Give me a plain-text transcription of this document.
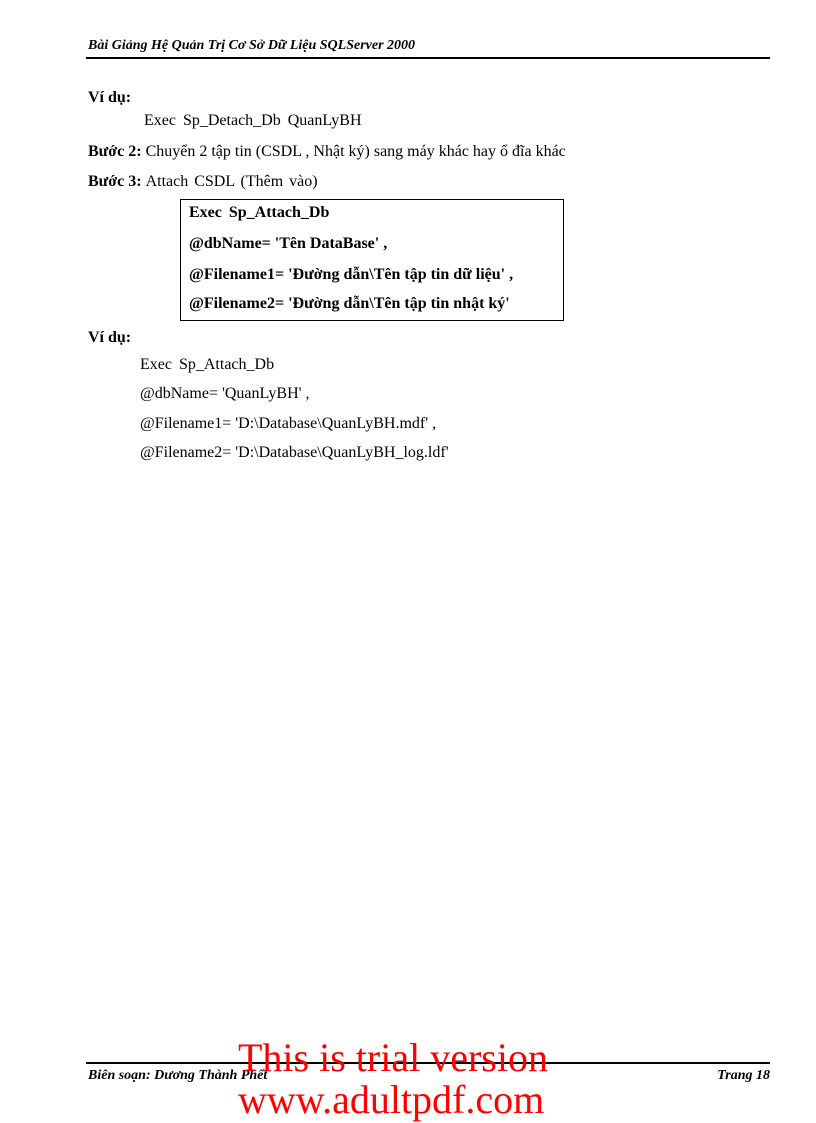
Bài Giảng Hệ Quản Trị Cơ Sở Dữ Liệu SQLServer 2000
Ví dụ:
Exec Sp_Detach_Db QuanLyBH
Bước 2: Chuyển 2 tập tin (CSDL , Nhật ký) sang máy khác hay ổ đĩa khác
Bước 3: Attach CSDL (Thêm vào)
Exec Sp_Attach_Db
@dbName= 'Tên DataBase' ,
@Filename1= 'Đường dẫn\Tên tập tin dữ liệu' ,
@Filename2= 'Đường dẫn\Tên tập tin nhật ký'
Ví dụ:
Exec Sp_Attach_Db
@dbName= 'QuanLyBH' ,
@Filename1= 'D:\Database\QuanLyBH.mdf' ,
@Filename2= 'D:\Database\QuanLyBH_log.ldf'
Biên soạn: Dương Thành Phết	Trang 18
This is trial version
www.adultpdf.com
